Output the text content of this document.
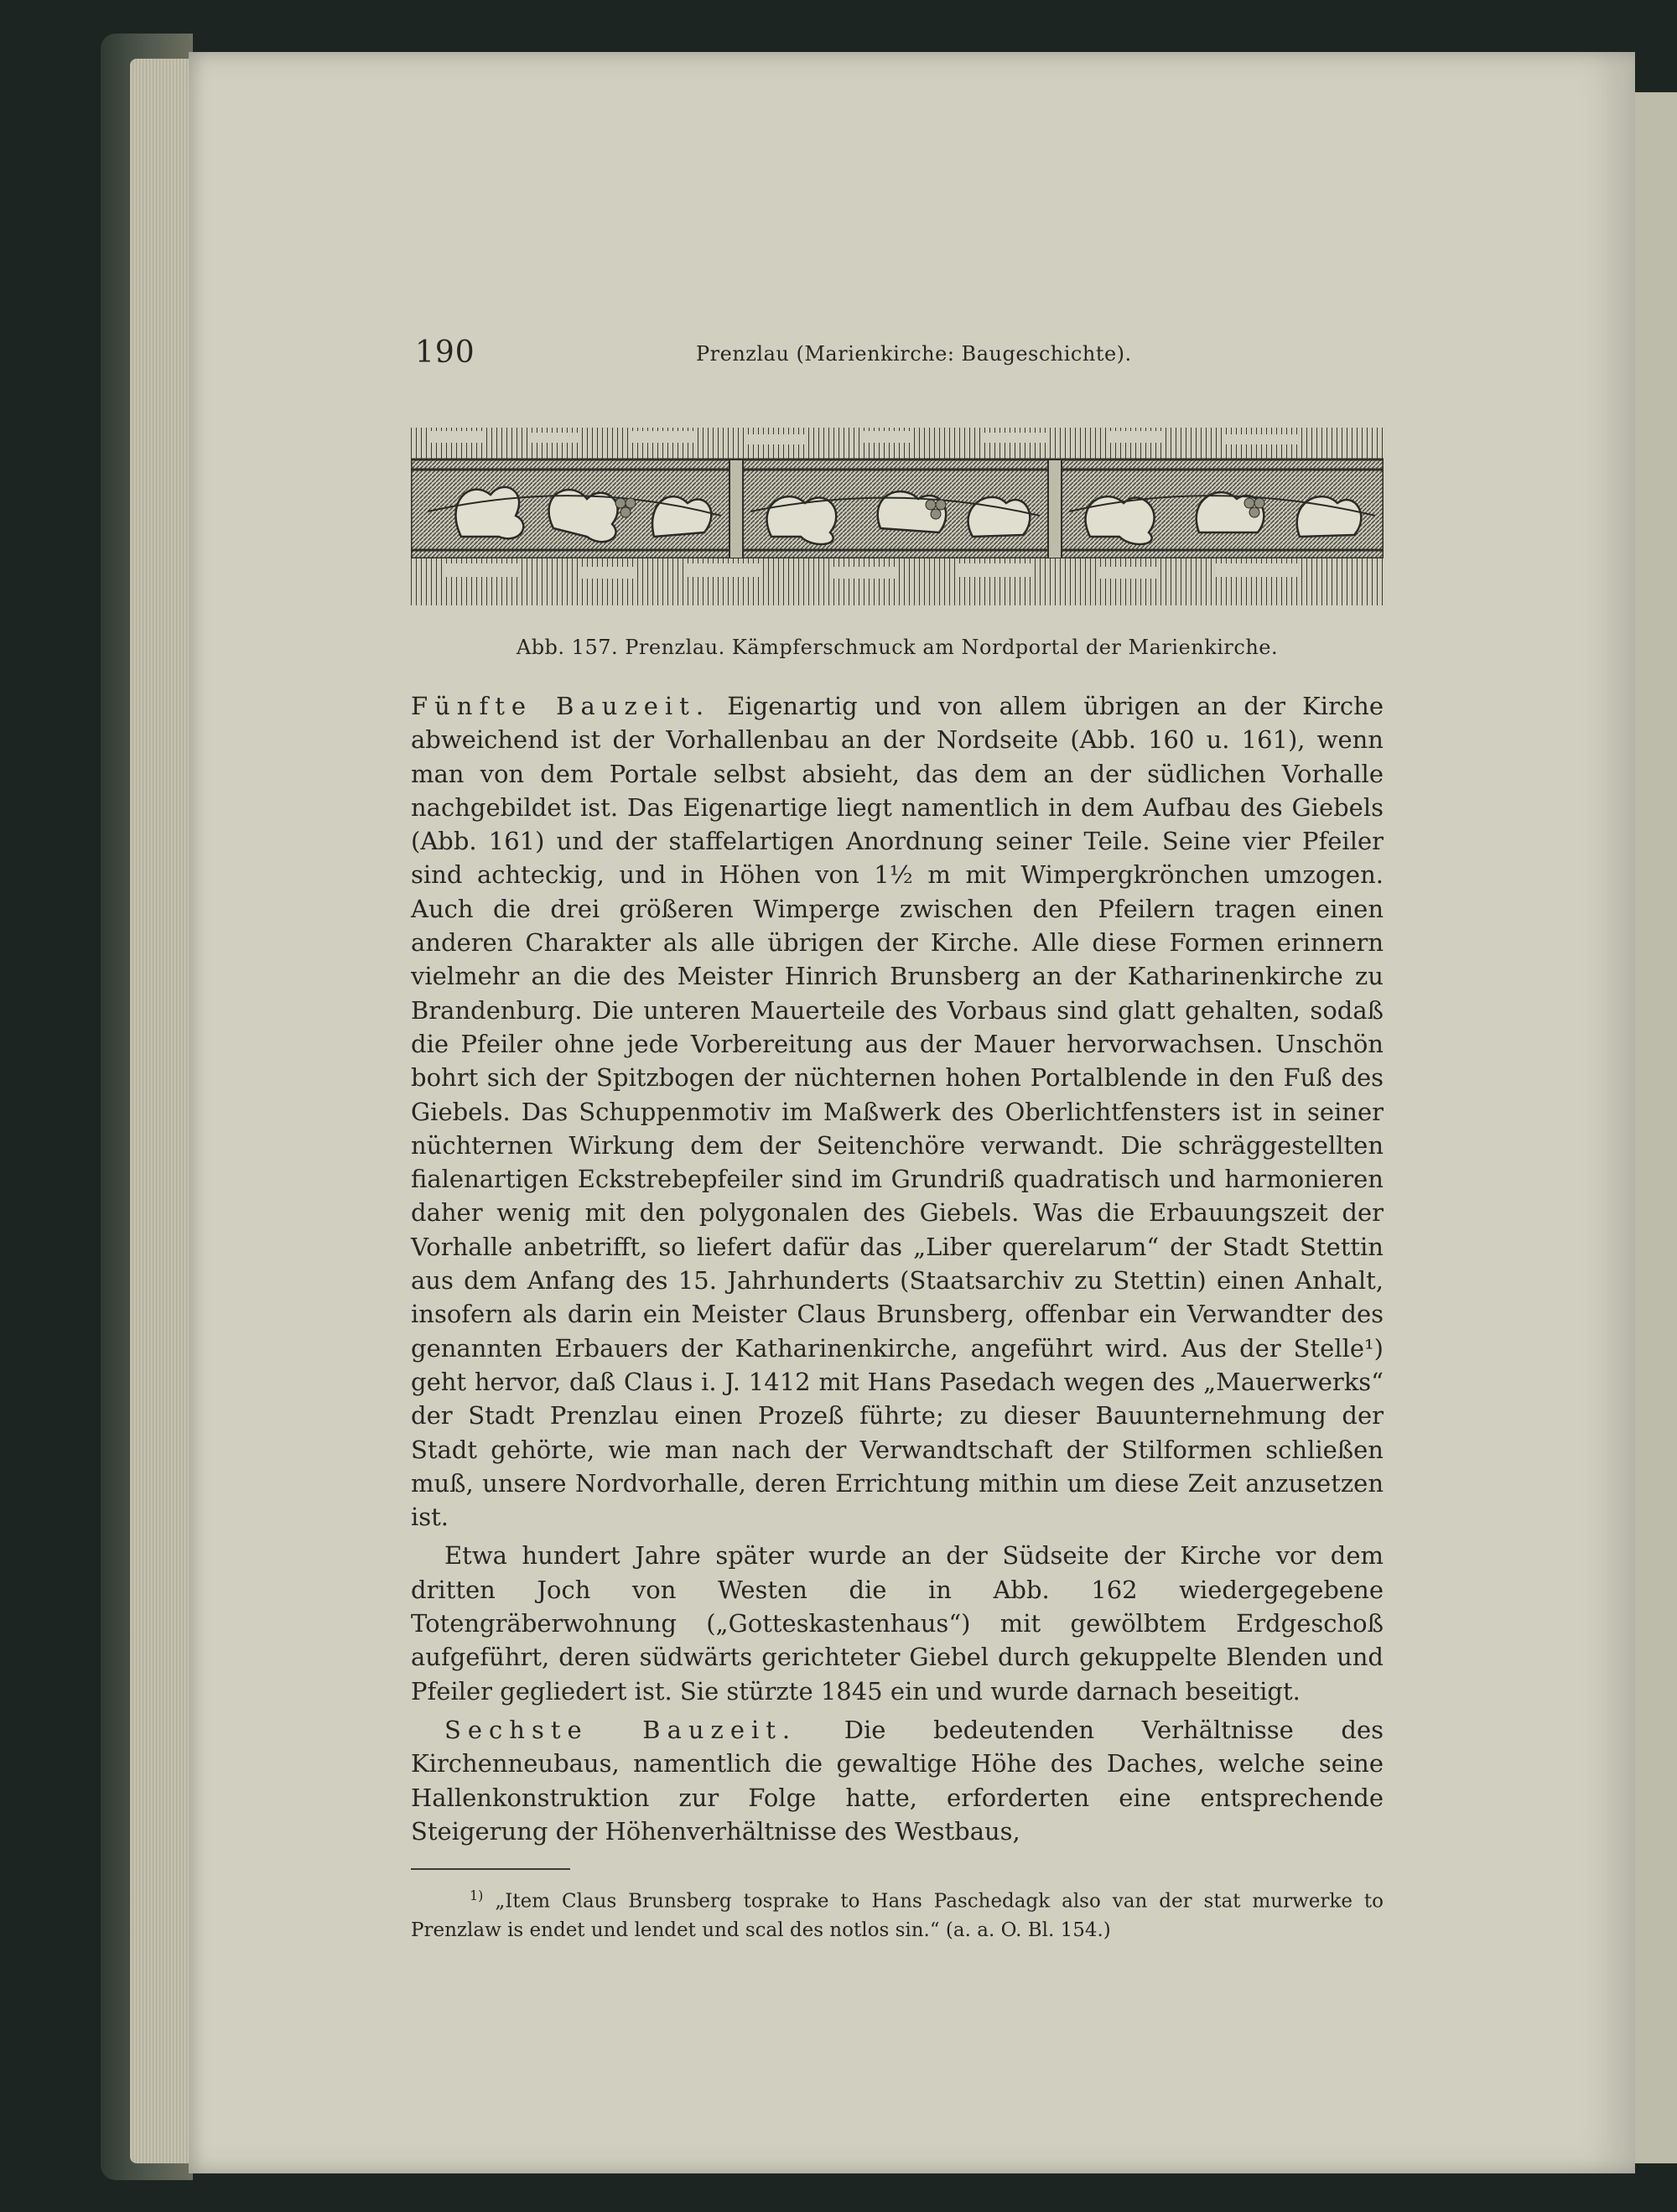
190	Prenzlau (Marienkirche: Baugeschichte).
Abb. 157. Prenzlau. Kämpferschmuck am Nordportal der Marienkirche.

Fünfte Bauzeit. Eigenartig und von allem übrigen an der Kirche abweichend ist der Vorhallenbau an der Nordseite (Abb. 160 u. 161), wenn man von dem Portale selbst absieht, das dem an der südlichen Vorhalle nachgebildet ist. Das Eigenartige liegt namentlich in dem Aufbau des Giebels (Abb. 161) und der staffelartigen Anordnung seiner Teile. Seine vier Pfeiler sind achteckig, und in Höhen von 1½ m mit Wimpergkrönchen umzogen. Auch die drei größeren Wimperge zwischen den Pfeilern tragen einen anderen Charakter als alle übrigen der Kirche. Alle diese Formen erinnern vielmehr an die des Meister Hinrich Brunsberg an der Katharinenkirche zu Brandenburg. Die unteren Mauerteile des Vorbaus sind glatt gehalten, sodaß die Pfeiler ohne jede Vorbereitung aus der Mauer hervorwachsen. Unschön bohrt sich der Spitzbogen der nüchternen hohen Portalblende in den Fuß des Giebels. Das Schuppenmotiv im Maßwerk des Oberlichtfensters ist in seiner nüchternen Wirkung dem der Seitenchöre verwandt. Die schräggestellten fialenartigen Eckstrebepfeiler sind im Grundriß quadratisch und harmonieren daher wenig mit den polygonalen des Giebels. Was die Erbauungszeit der Vorhalle anbetrifft, so liefert dafür das „Liber querelarum“ der Stadt Stettin aus dem Anfang des 15. Jahrhunderts (Staatsarchiv zu Stettin) einen Anhalt, insofern als darin ein Meister Claus Brunsberg, offenbar ein Verwandter des genannten Erbauers der Katharinenkirche, angeführt wird. Aus der Stelle¹) geht hervor, daß Claus i. J. 1412 mit Hans Pasedach wegen des „Mauerwerks“ der Stadt Prenzlau einen Prozeß führte; zu dieser Bauunternehmung der Stadt gehörte, wie man nach der Verwandtschaft der Stilformen schließen muß, unsere Nordvorhalle, deren Errichtung mithin um diese Zeit anzusetzen ist.

Etwa hundert Jahre später wurde an der Südseite der Kirche vor dem dritten Joch von Westen die in Abb. 162 wiedergegebene Totengräberwohnung („Gotteskastenhaus“) mit gewölbtem Erdgeschoß aufgeführt, deren südwärts gerichteter Giebel durch gekuppelte Blenden und Pfeiler gegliedert ist. Sie stürzte 1845 ein und wurde darnach beseitigt.

Sechste Bauzeit. Die bedeutenden Verhältnisse des Kirchenneubaus, namentlich die gewaltige Höhe des Daches, welche seine Hallenkonstruktion zur Folge hatte, erforderten eine entsprechende Steigerung der Höhenverhältnisse des Westbaus,

$^{1)}$ „Item Claus Brunsberg tosprake to Hans Paschedagk also van der stat murwerke to Prenzlaw is endet und lendet und scal des notlos sin.“ (a. a. O. Bl. 154.)
